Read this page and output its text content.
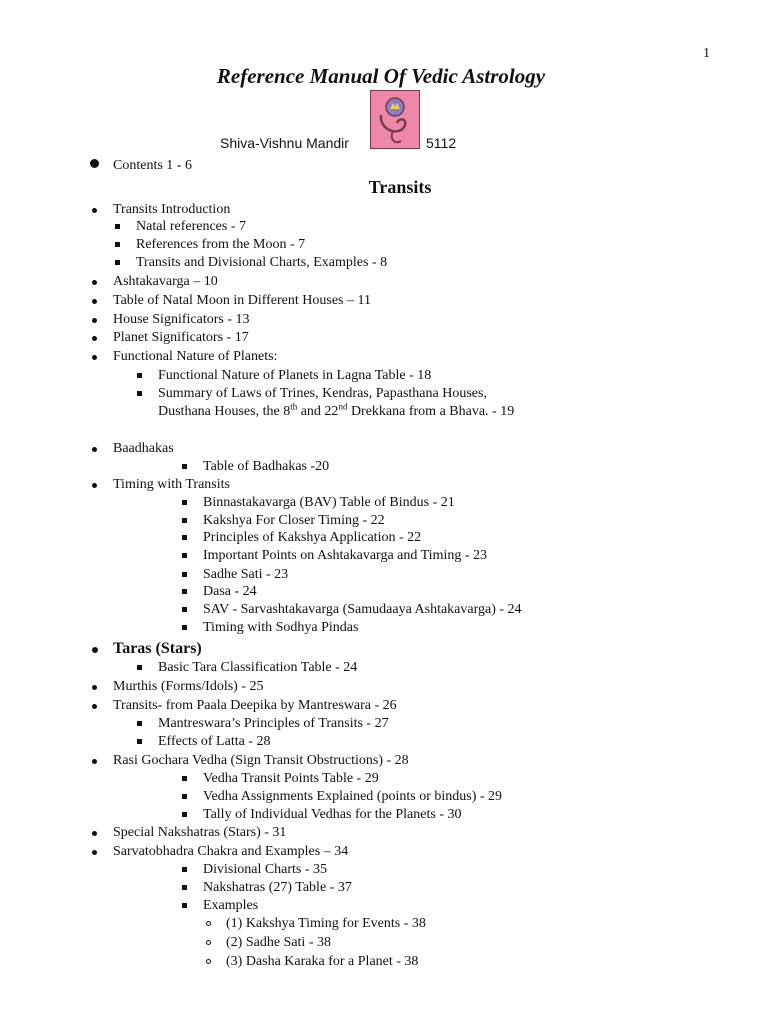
1
Reference Manual Of Vedic Astrology
Shiva-Vishnu Mandir	5112
Contents 1 - 6
Transits
Transits Introduction
Natal references - 7
References from the Moon - 7
Transits and Divisional Charts, Examples - 8
Ashtakavarga – 10
Table of Natal Moon in Different Houses – 11
House Significators - 13
Planet Significators - 17
Functional Nature of Planets:
Functional Nature of Planets in Lagna Table - 18
Summary of Laws of Trines, Kendras, Papasthana Houses,
Dusthana Houses, the 8th and 22nd Drekkana from a Bhava. - 19
Baadhakas
Table of Badhakas -20
Timing with Transits
Binnastakavarga (BAV) Table of Bindus - 21
Kakshya For Closer Timing - 22
Principles of Kakshya Application - 22
Important Points on Ashtakavarga and Timing - 23
Sadhe Sati - 23
Dasa - 24
SAV - Sarvashtakavarga (Samudaaya Ashtakavarga) - 24
Timing with Sodhya Pindas
Taras (Stars)
Basic Tara Classification Table - 24
Murthis (Forms/Idols) - 25
Transits- from Paala Deepika by Mantreswara - 26
Mantreswara’s Principles of Transits - 27
Effects of Latta - 28
Rasi Gochara Vedha (Sign Transit Obstructions) - 28
Vedha Transit Points Table - 29
Vedha Assignments Explained (points or bindus) - 29
Tally of Individual Vedhas for the Planets - 30
Special Nakshatras (Stars) - 31
Sarvatobhadra Chakra and Examples – 34
Divisional Charts - 35
Nakshatras (27) Table - 37
Examples
(1) Kakshya Timing for Events - 38
(2) Sadhe Sati - 38
(3) Dasha Karaka for a Planet - 38
